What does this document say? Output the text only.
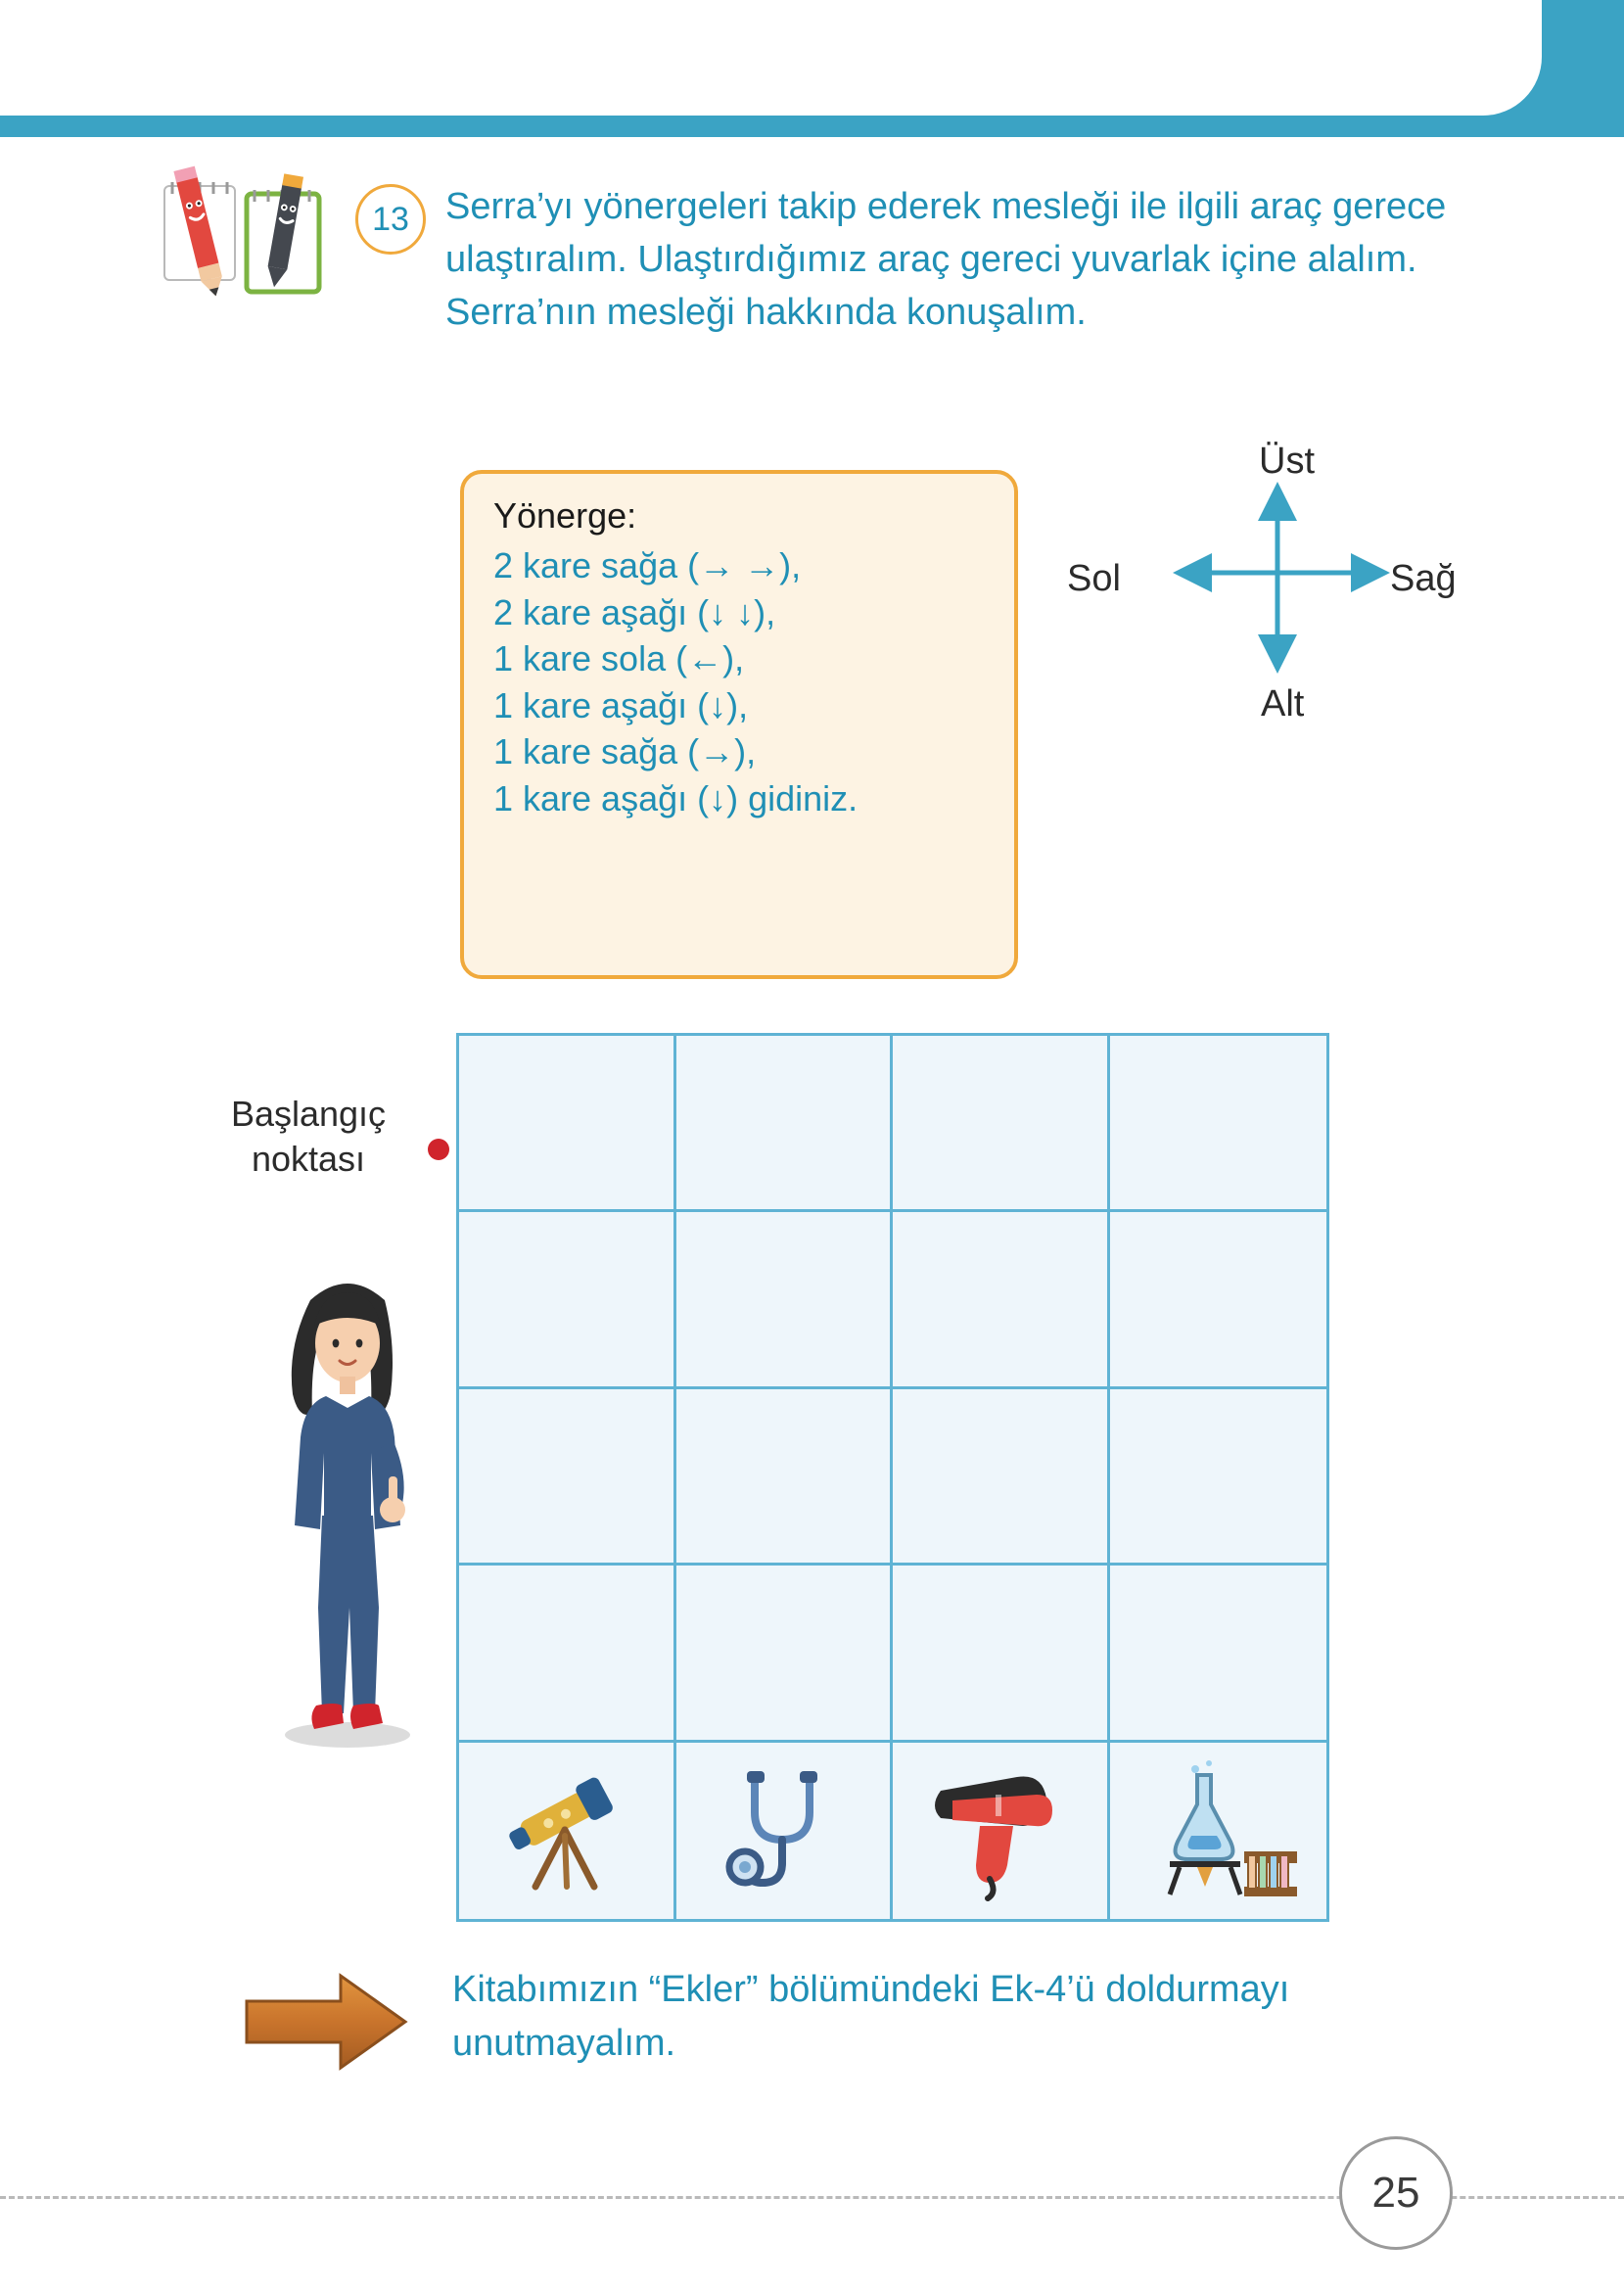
13 Serra’yı yönergeleri takip ederek mesleği ile ilgili araç gerece ulaştıralım. Ulaştırdığımız araç gereci yuvarlak içine alalım. Serra’nın mesleği hakkında konuşalım.
Yönerge:
2 kare sağa (→ →),
2 kare aşağı (↓ ↓),
1 kare sola (←),
1 kare aşağı (↓),
1 kare sağa (→),
1 kare aşağı (↓) gidiniz.
Üst
Alt
Sol	Sağ
Başlangıç
noktası
Kitabımızın “Ekler” bölümündeki Ek-4’ü doldurmayı unutmayalım.
25
